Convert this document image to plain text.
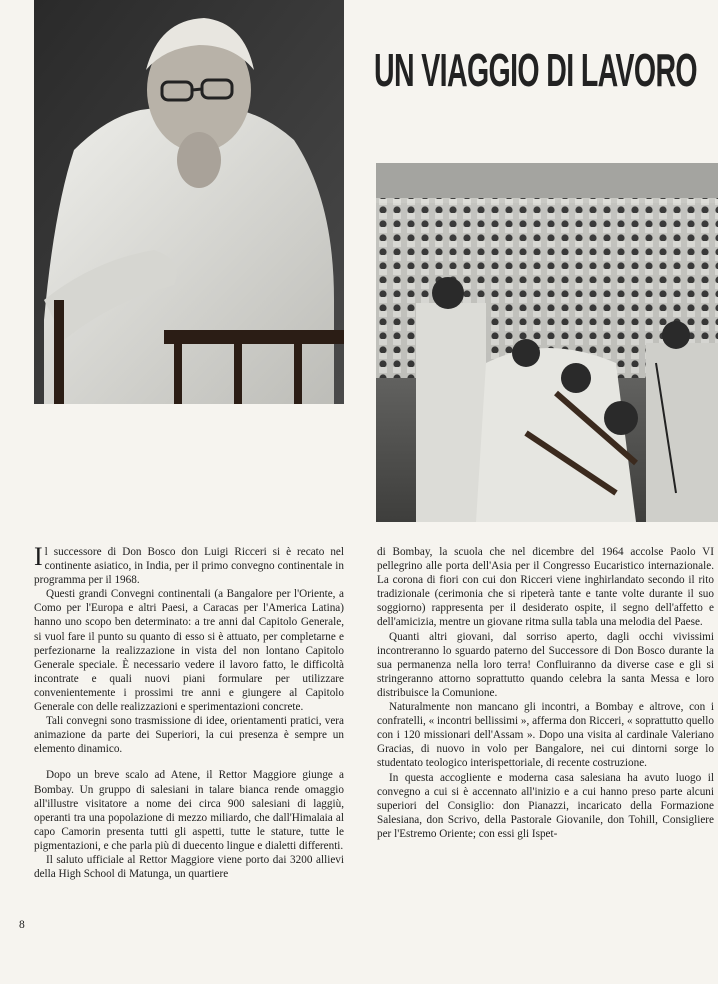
UN VIAGGIO DI LAVORO

Il successore di Don Bosco don Luigi Ricceri si è recato nel continente asiatico, in India, per il primo convegno continentale in programma per il 1968.

Questi grandi Convegni continentali (a Bangalore per l'Oriente, a Como per l'Europa e altri Paesi, a Caracas per l'America Latina) hanno uno scopo ben determinato: a tre anni dal Capitolo Generale, si vuol fare il punto su quanto di esso si è attuato, per completarne e perfezionarne la realizzazione in vista del non lontano Capitolo Generale speciale. È necessario vedere il lavoro fatto, le difficoltà incontrate e quali nuovi piani formulare per utilizzare convenientemente i prossimi tre anni e giungere al Capitolo Generale con delle realizzazioni e sperimentazioni concrete.

Tali convegni sono trasmissione di idee, orientamenti pratici, vera animazione da parte dei Superiori, la cui presenza è sempre un elemento dinamico.

Dopo un breve scalo ad Atene, il Rettor Maggiore giunge a Bombay. Un gruppo di salesiani in talare bianca rende omaggio all'illustre visitatore a nome dei circa 900 salesiani di laggiù, operanti tra una popolazione di mezzo miliardo, che dall'Himalaia al capo Camorin presenta tutti gli aspetti, tutte le stature, tutte le pigmentazioni, e che parla più di duecento lingue e dialetti differenti.

Il saluto ufficiale al Rettor Maggiore viene porto dai 3200 allievi della High School di Matunga, un quartiere

di Bombay, la scuola che nel dicembre del 1964 accolse Paolo VI pellegrino alle porta dell'Asia per il Congresso Eucaristico internazionale. La corona di fiori con cui don Ricceri viene inghirlandato secondo il rito tradizionale (cerimonia che si ripeterà tante e tante volte durante il suo soggiorno) rappresenta per il desiderato ospite, il segno dell'affetto e dell'amicizia, mentre un giovane ritma sulla tabla una melodia del Paese.

Quanti altri giovani, dal sorriso aperto, dagli occhi vivissimi incontreranno lo sguardo paterno del Successore di Don Bosco durante la sua permanenza nella loro terra! Confluiranno da diverse case e gli si stringeranno attorno soprattutto quando celebra la santa Messa e loro distribuisce la Comunione.

Naturalmente non mancano gli incontri, a Bombay e altrove, con i confratelli, « incontri bellissimi », afferma don Ricceri, « soprattutto quello con i 120 missionari dell'Assam ». Dopo una visita al cardinale Valeriano Gracias, di nuovo in volo per Bangalore, nei cui dintorni sorge lo studentato teologico interispettoriale, di recente costruzione.

In questa accogliente e moderna casa salesiana ha avuto luogo il convegno a cui si è accennato all'inizio e a cui hanno preso parte alcuni superiori del Consiglio: don Pianazzi, incaricato della Formazione Salesiana, don Scrivo, della Pastorale Giovanile, don Tohill, Consigliere per l'Estremo Oriente; con essi gli Ispet-

8
